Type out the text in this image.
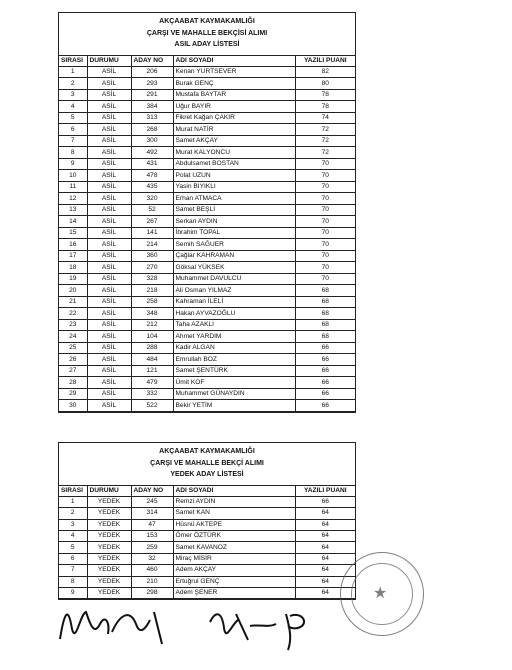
AKÇAABAT KAYMAKAMLIĞI
ÇARŞI VE MAHALLE BEKÇİSİ ALIMI
ASIL ADAY LİSTESİ
SIRASI	DURUMU	ADAY NO	ADI SOYADI	YAZILI PUANI
1	ASİL	206	Kenan YURTSEVER	82
2	ASİL	293	Burak GENÇ	80
3	ASİL	291	Mustafa BAYTAR	78
4	ASİL	384	Uğur BAYIR	78
5	ASİL	313	Fikret Kağan ÇAKIR	74
6	ASİL	268	Murat NATİR	72
7	ASİL	300	Samet AKÇAY	72
8	ASİL	492	Murat KALYONCU	72
9	ASİL	431	Abdulsamet BOSTAN	70
10	ASİL	478	Polat UZUN	70
11	ASİL	435	Yasin BIYIKLI	70
12	ASİL	320	Erhan ATMACA	70
13	ASİL	52	Samet BEŞLİ	70
14	ASİL	267	Serkan AYDIN	70
15	ASİL	141	İbrahim TOPAL	70
16	ASİL	214	Semih SAĞUER	70
17	ASİL	360	Çağlar KAHRAMAN	70
18	ASİL	270	Göksal YÜKSEK	70
19	ASİL	328	Muhammet DAVULCU	70
20	ASİL	218	Ali Osman YILMAZ	68
21	ASİL	258	Kahraman İLELİ	68
22	ASİL	348	Hakan AYVAZOĞLU	68
23	ASİL	212	Taha AZAKLI	68
24	ASİL	104	Ahmet YARDIM	68
25	ASİL	288	Kadir ALGAN	66
26	ASİL	484	Emrullah BOZ	66
27	ASİL	121	Samet ŞENTÜRK	66
28	ASİL	479	Ümit KOF	66
29	ASİL	332	Muhammet GÜNAYDIN	66
30	ASİL	522	Bekir YETİM	66
AKÇAABAT KAYMAKAMLIĞI
ÇARŞI VE MAHALLE BEKÇİ ALIMI
YEDEK ADAY LİSTESİ
SIRASI	DURUMU	ADAY NO	ADI SOYADI	YAZILI PUANI
1	YEDEK	245	Remzi AYDIN	66
2	YEDEK	314	Samet KAN	64
3	YEDEK	47	Hüsnü AKTEPE	64
4	YEDEK	153	Ömer ÖZTÜRK	64
5	YEDEK	259	Samet KAVANOZ	64
6	YEDEK	32	Miraç MİSİR	64
7	YEDEK	460	Adem AKÇAY	64
8	YEDEK	210	Ertuğrul GENÇ	64
9	YEDEK	298	Adem ŞENER	64	★
